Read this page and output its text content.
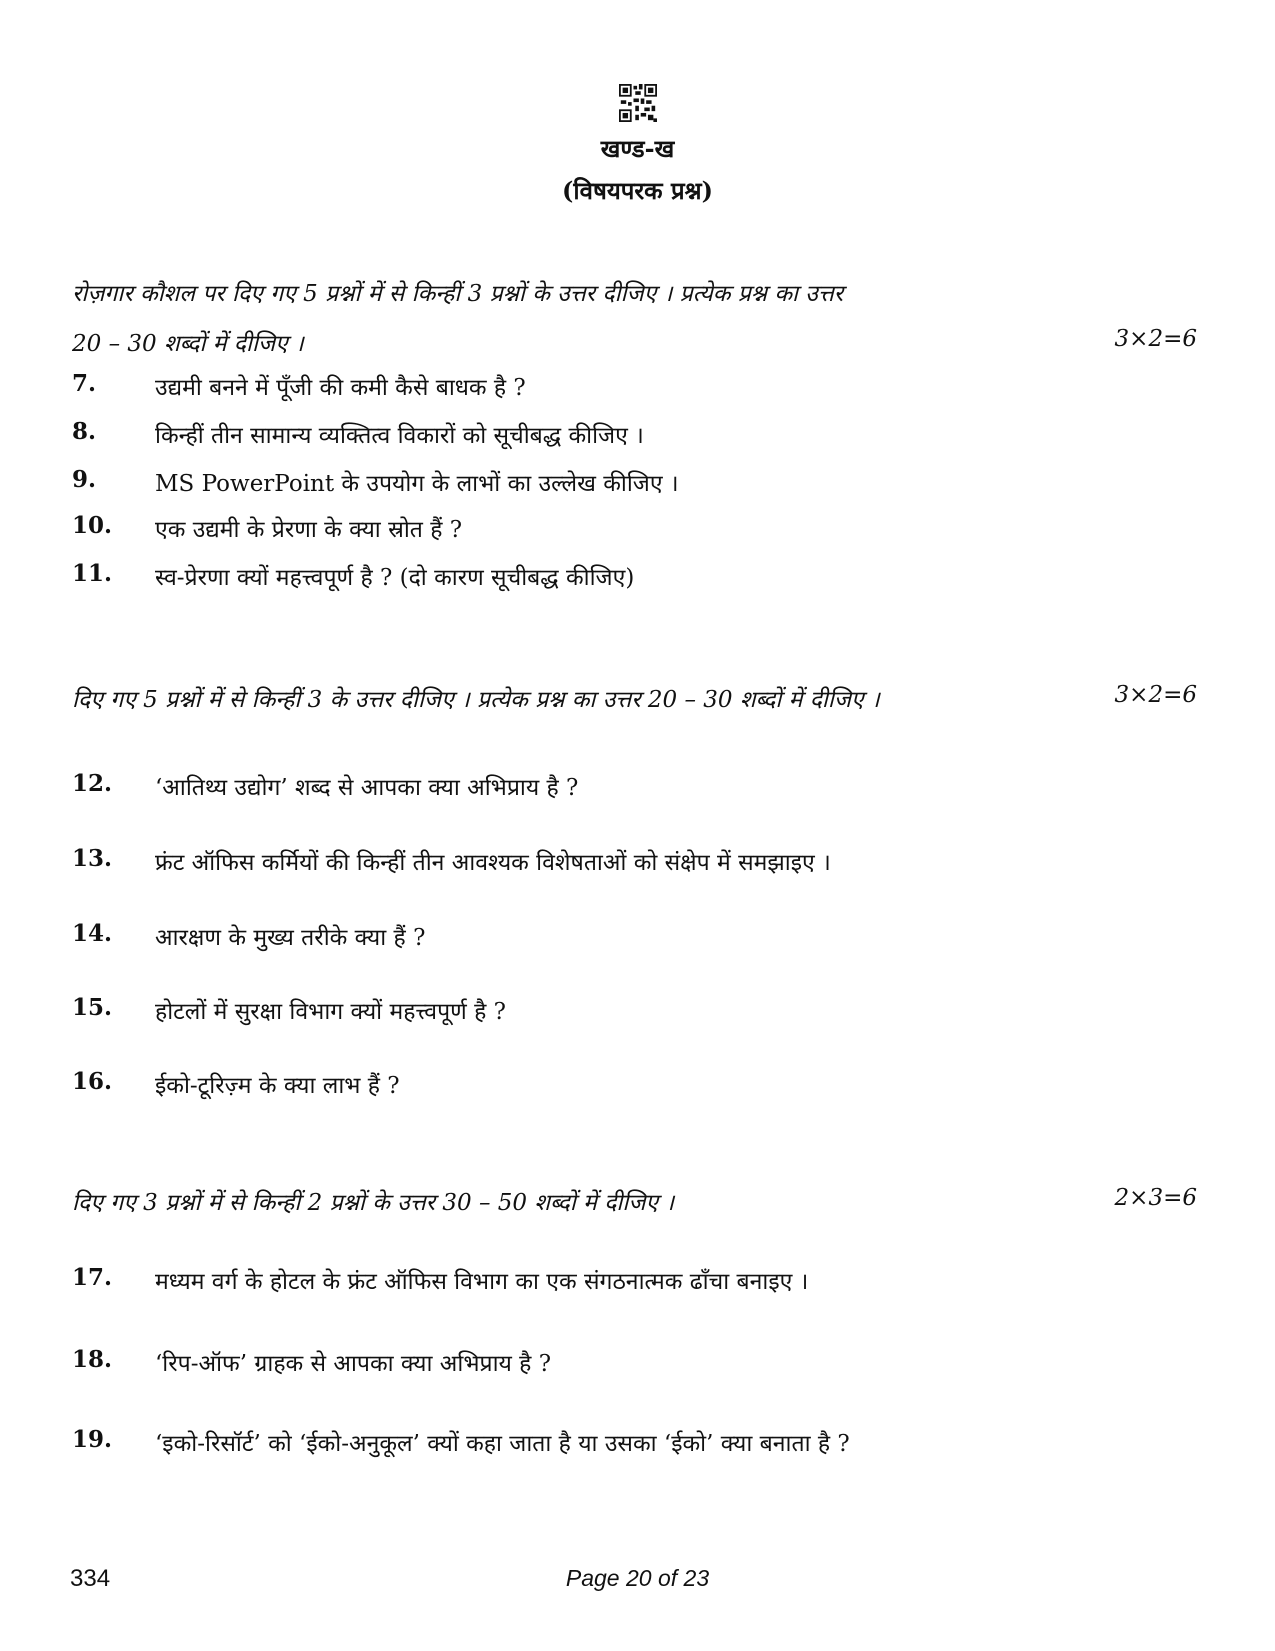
खण्ड-ख
(विषयपरक प्रश्न)
रोज़गार कौशल पर दिए गए 5 प्रश्नों में से किन्हीं 3 प्रश्नों के उत्तर दीजिए । प्रत्येक प्रश्न का उत्तर
20 – 30 शब्दों में दीजिए ।	3×2=6
7.	उद्यमी बनने में पूँजी की कमी कैसे बाधक है ?
8.	किन्हीं तीन सामान्य व्यक्तित्व विकारों को सूचीबद्ध कीजिए ।
9.	MS PowerPoint के उपयोग के लाभों का उल्लेख कीजिए ।
10. एक उद्यमी के प्रेरणा के क्या स्रोत हैं ?
11. स्व-प्रेरणा क्यों महत्त्वपूर्ण है ? (दो कारण सूचीबद्ध कीजिए)
दिए गए 5 प्रश्नों में से किन्हीं 3 के उत्तर दीजिए । प्रत्येक प्रश्न का उत्तर 20 – 30 शब्दों में दीजिए ।	3×2=6
12. ‘आतिथ्य उद्योग’ शब्द से आपका क्या अभिप्राय है ?
13. फ्रंट ऑफिस कर्मियों की किन्हीं तीन आवश्यक विशेषताओं को संक्षेप में समझाइए ।
14. आरक्षण के मुख्य तरीके क्या हैं ?
15. होटलों में सुरक्षा विभाग क्यों महत्त्वपूर्ण है ?
16. ईको-टूरिज़्म के क्या लाभ हैं ?
दिए गए 3 प्रश्नों में से किन्हीं 2 प्रश्नों के उत्तर 30 – 50 शब्दों में दीजिए ।	2×3=6
17. मध्यम वर्ग के होटल के फ्रंट ऑफिस विभाग का एक संगठनात्मक ढाँचा बनाइए ।
18. ‘रिप-ऑफ’ ग्राहक से आपका क्या अभिप्राय है ?
19. ‘इको-रिसॉर्ट’ को ‘ईको-अनुकूल’ क्यों कहा जाता है या उसका ‘ईको’ क्या बनाता है ?
334	Page 20 of 23
